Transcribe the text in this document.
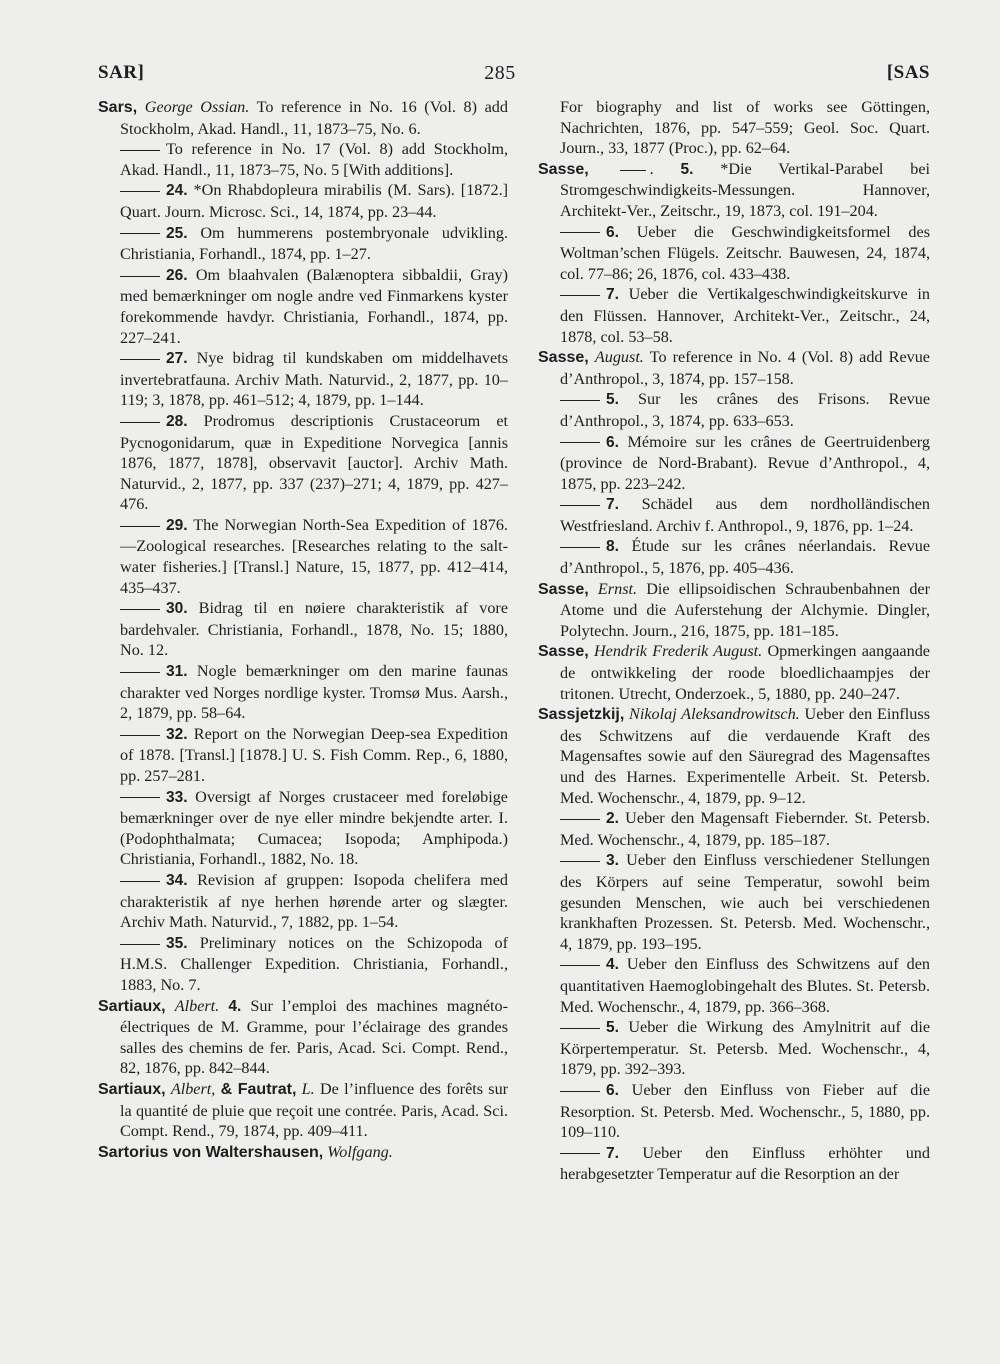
SAR]	285	[SAS

Sars, George Ossian. To reference in No. 16 (Vol. 8) add Stockholm, Akad. Handl., 11, 1873–75, No. 6.

To reference in No. 17 (Vol. 8) add Stockholm, Akad. Handl., 11, 1873–75, No. 5 [With additions].

24. *On Rhabdopleura mirabilis (M. Sars). [1872.] Quart. Journ. Microsc. Sci., 14, 1874, pp. 23–44.

25. Om hummerens postembryonale udvikling. Christiania, Forhandl., 1874, pp. 1–27.

26. Om blaahvalen (Balænoptera sibbaldii, Gray) med bemærkninger om nogle andre ved Finmarkens kyster forekommende havdyr. Christiania, Forhandl., 1874, pp. 227–241.

27. Nye bidrag til kundskaben om middelhavets invertebratfauna. Archiv Math. Naturvid., 2, 1877, pp. 10–119; 3, 1878, pp. 461–512; 4, 1879, pp. 1–144.

28. Prodromus descriptionis Crustaceorum et Pycnogonidarum, quæ in Expeditione Norvegica [annis 1876, 1877, 1878], observavit [auctor]. Archiv Math. Naturvid., 2, 1877, pp. 337 (237)–271; 4, 1879, pp. 427–476.

29. The Norwegian North-Sea Expedition of 1876.—Zoological researches. [Researches relating to the salt-water fisheries.] [Transl.] Nature, 15, 1877, pp. 412–414, 435–437.

30. Bidrag til en nøiere charakteristik af vore bardehvaler. Christiania, Forhandl., 1878, No. 15; 1880, No. 12.

31. Nogle bemærkninger om den marine faunas charakter ved Norges nordlige kyster. Tromsø Mus. Aarsh., 2, 1879, pp. 58–64.

32. Report on the Norwegian Deep-sea Expedition of 1878. [Transl.] [1878.] U. S. Fish Comm. Rep., 6, 1880, pp. 257–281.

33. Oversigt af Norges crustaceer med foreløbige bemærkninger over de nye eller mindre bekjendte arter. I. (Podophthalmata; Cumacea; Isopoda; Amphipoda.) Christiania, Forhandl., 1882, No. 18.

34. Revision af gruppen: Isopoda chelifera med charakteristik af nye herhen hørende arter og slægter. Archiv Math. Naturvid., 7, 1882, pp. 1–54.

35. Preliminary notices on the Schizopoda of H.M.S. Challenger Expedition. Christiania, Forhandl., 1883, No. 7.

Sartiaux, Albert. 4. Sur l’emploi des machines magnéto-électriques de M. Gramme, pour l’éclairage des grandes salles des chemins de fer. Paris, Acad. Sci. Compt. Rend., 82, 1876, pp. 842–844.

Sartiaux, Albert, & Fautrat, L. De l’influence des forêts sur la quantité de pluie que reçoit une contrée. Paris, Acad. Sci. Compt. Rend., 79, 1874, pp. 409–411.

Sartorius von Waltershausen, Wolfgang.

For biography and list of works see Göttingen, Nachrichten, 1876, pp. 547–559; Geol. Soc. Quart. Journ., 33, 1877 (Proc.), pp. 62–64.

Sasse,	. 5. *Die Vertikal-Parabel bei Stromgeschwindigkeits-Messungen. Hannover, Architekt-Ver., Zeitschr., 19, 1873, col. 191–204.

6. Ueber die Geschwindigkeitsformel des Woltman’schen Flügels. Zeitschr. Bauwesen, 24, 1874, col. 77–86; 26, 1876, col. 433–438.

7. Ueber die Vertikalgeschwindigkeitskurve in den Flüssen. Hannover, Architekt-Ver., Zeitschr., 24, 1878, col. 53–58.

Sasse, August. To reference in No. 4 (Vol. 8) add Revue d’Anthropol., 3, 1874, pp. 157–158.

5. Sur les crânes des Frisons. Revue d’Anthropol., 3, 1874, pp. 633–653.

6. Mémoire sur les crânes de Geertruidenberg (province de Nord-Brabant). Revue d’Anthropol., 4, 1875, pp. 223–242.

7. Schädel aus dem nordholländischen Westfriesland. Archiv f. Anthropol., 9, 1876, pp. 1–24.

8. Étude sur les crânes néerlandais. Revue d’Anthropol., 5, 1876, pp. 405–436.

Sasse, Ernst. Die ellipsoidischen Schraubenbahnen der Atome und die Auferstehung der Alchymie. Dingler, Polytechn. Journ., 216, 1875, pp. 181–185.

Sasse, Hendrik Frederik August. Opmerkingen aangaande de ontwikkeling der roode bloedlichaampjes der tritonen. Utrecht, Onderzoek., 5, 1880, pp. 240–247.

Sassjetzkij, Nikolaj Aleksandrowitsch. Ueber den Einfluss des Schwitzens auf die verdauende Kraft des Magensaftes sowie auf den Säuregrad des Magensaftes und des Harnes. Experimentelle Arbeit. St. Petersb. Med. Wochenschr., 4, 1879, pp. 9–12.

2. Ueber den Magensaft Fiebernder. St. Petersb. Med. Wochenschr., 4, 1879, pp. 185–187.

3. Ueber den Einfluss verschiedener Stellungen des Körpers auf seine Temperatur, sowohl beim gesunden Menschen, wie auch bei verschiedenen krankhaften Prozessen. St. Petersb. Med. Wochenschr., 4, 1879, pp. 193–195.

4. Ueber den Einfluss des Schwitzens auf den quantitativen Haemoglobingehalt des Blutes. St. Petersb. Med. Wochenschr., 4, 1879, pp. 366–368.

5. Ueber die Wirkung des Amylnitrit auf die Körpertemperatur. St. Petersb. Med. Wochenschr., 4, 1879, pp. 392–393.

6. Ueber den Einfluss von Fieber auf die Resorption. St. Petersb. Med. Wochenschr., 5, 1880, pp. 109–110.

7. Ueber den Einfluss erhöhter und herabgesetzter Temperatur auf die Resorption an der
